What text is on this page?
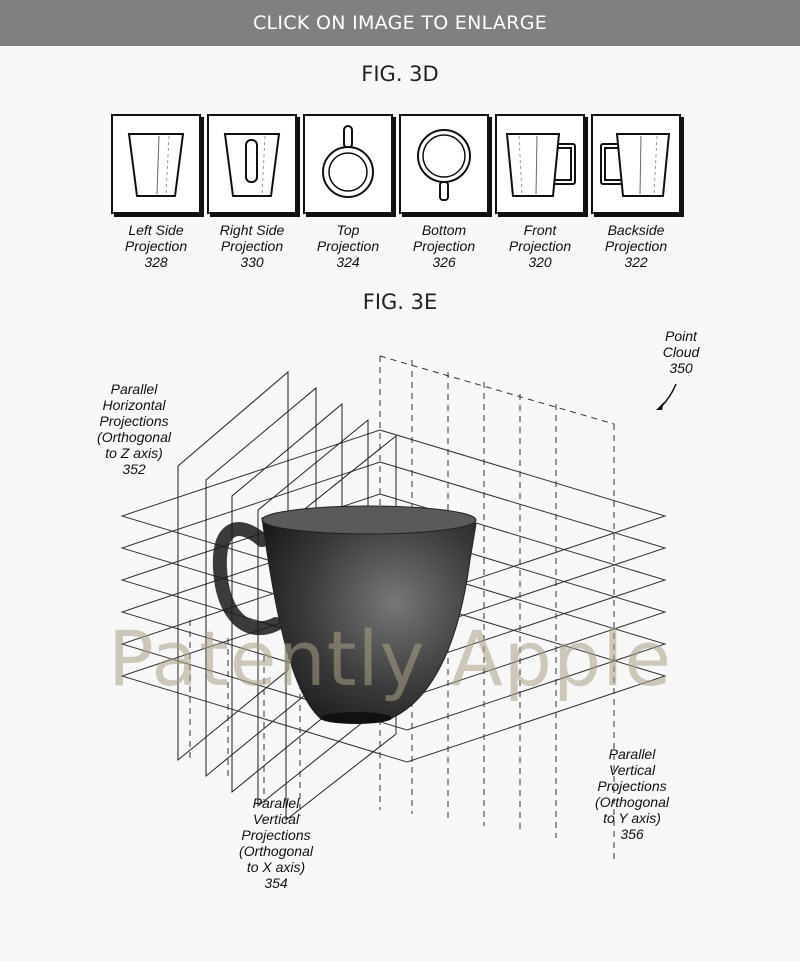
CLICK ON IMAGE TO ENLARGE
FIG. 3D
Left Side
Projection
328
Right Side
Projection
330
Top
Projection
324
Bottom
Projection
326
Front
Projection
320
Backside
Projection
322
FIG. 3E
Point
Cloud
350
Parallel
Horizontal
Projections
(Orthogonal
to Z axis)
352
Parallel
Vertical
Projections
(Orthogonal
to X axis)
354
Parallel
Vertical
Projections
(Orthogonal
to Y axis)
356
Patently Apple
